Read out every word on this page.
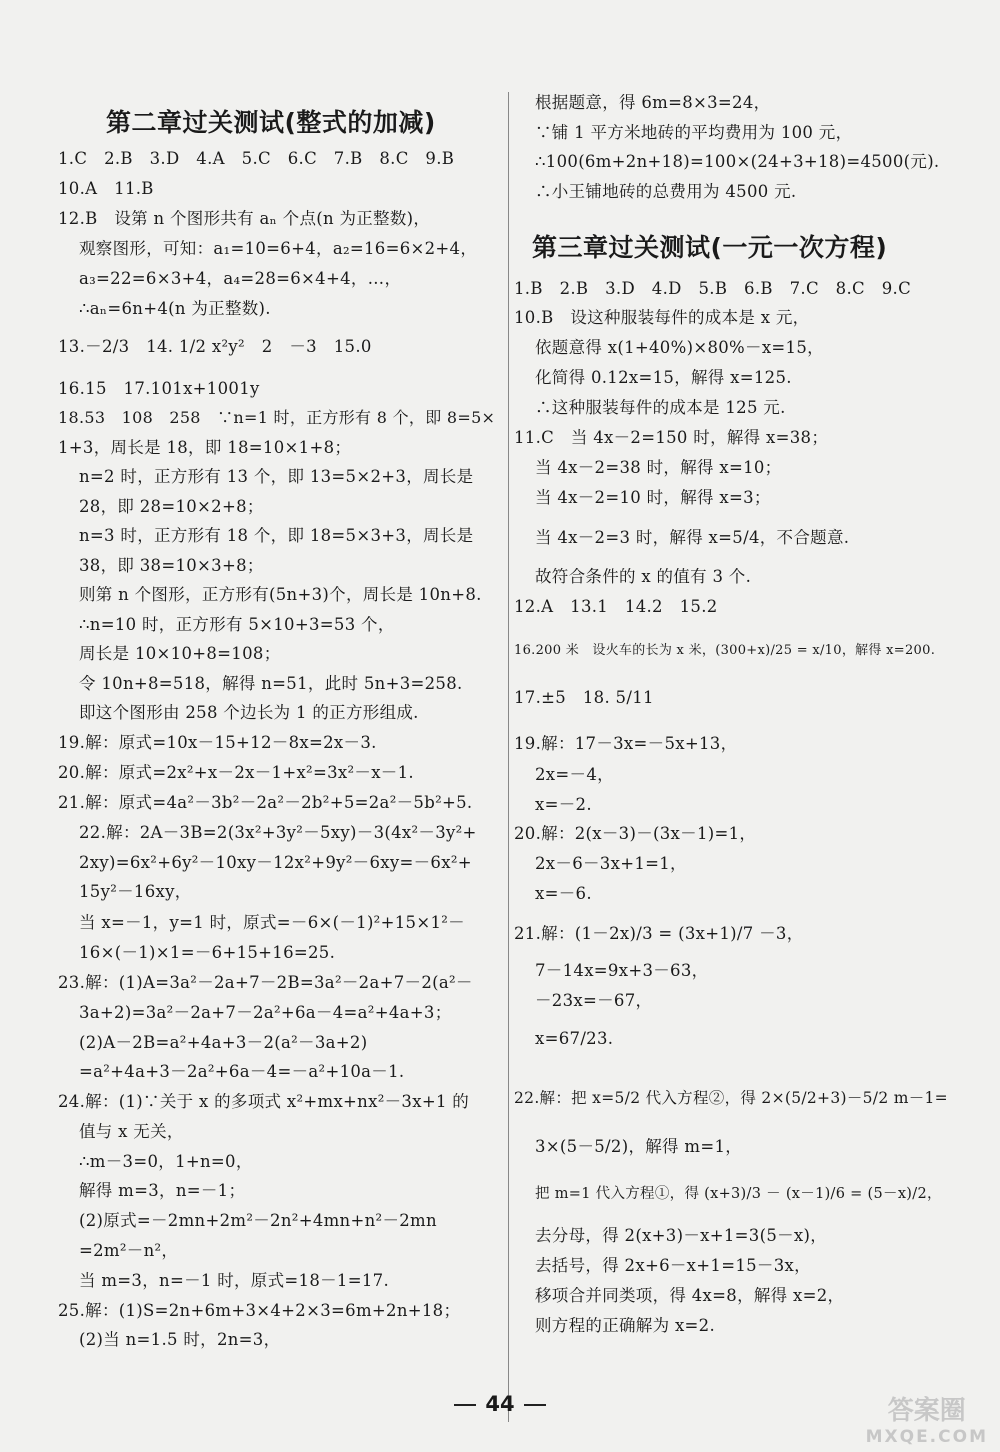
第二章过关测试(整式的加减)
1.C　2.B　3.D　4.A　5.C　6.C　7.B　8.C　9.B
10.A　11.B
12.B　设第 n 个图形共有 aₙ 个点(n 为正整数)，
观察图形，可知：a₁=10=6+4，a₂=16=6×2+4，
a₃=22=6×3+4，a₄=28=6×4+4，…，
∴aₙ=6n+4(n 为正整数).
13.－2/3　14. 1/2 x²y²　2　－3　15.0
16.15　17.101x+1001y
18.53　108　258　∵n=1 时，正方形有 8 个，即 8=5×
1+3，周长是 18，即 18=10×1+8；
n=2 时，正方形有 13 个，即 13=5×2+3，周长是
28，即 28=10×2+8；
n=3 时，正方形有 18 个，即 18=5×3+3，周长是
38，即 38=10×3+8；
则第 n 个图形，正方形有(5n+3)个，周长是 10n+8.
∴n=10 时，正方形有 5×10+3=53 个，
周长是 10×10+8=108；
令 10n+8=518，解得 n=51，此时 5n+3=258.
即这个图形由 258 个边长为 1 的正方形组成.
19.解：原式=10x－15+12－8x=2x－3.
20.解：原式=2x²+x－2x－1+x²=3x²－x－1.
21.解：原式=4a²－3b²－2a²－2b²+5=2a²－5b²+5.
22.解：2A－3B=2(3x²+3y²－5xy)－3(4x²－3y²+
2xy)=6x²+6y²－10xy－12x²+9y²－6xy=－6x²+
15y²－16xy，
当 x=－1，y=1 时，原式=－6×(－1)²+15×1²－
16×(－1)×1=－6+15+16=25.
23.解：(1)A=3a²－2a+7－2B=3a²－2a+7－2(a²－
3a+2)=3a²－2a+7－2a²+6a－4=a²+4a+3；
(2)A－2B=a²+4a+3－2(a²－3a+2)
=a²+4a+3－2a²+6a－4=－a²+10a－1.
24.解：(1)∵关于 x 的多项式 x²+mx+nx²－3x+1 的
值与 x 无关，
∴m－3=0，1+n=0，
解得 m=3，n=－1；
(2)原式=－2mn+2m²－2n²+4mn+n²－2mn
=2m²－n²，
当 m=3，n=－1 时，原式=18－1=17.
25.解：(1)S=2n+6m+3×4+2×3=6m+2n+18；
(2)当 n=1.5 时，2n=3，
第三章过关测试(一元一次方程)
根据题意，得 6m=8×3=24，
∵铺 1 平方米地砖的平均费用为 100 元，
∴100(6m+2n+18)=100×(24+3+18)=4500(元).
∴小王铺地砖的总费用为 4500 元.
1.B　2.B　3.D　4.D　5.B　6.B　7.C　8.C　9.C
10.B　设这种服装每件的成本是 x 元，
依题意得 x(1+40%)×80%－x=15，
化简得 0.12x=15，解得 x=125.
∴这种服装每件的成本是 125 元.
11.C　当 4x－2=150 时，解得 x=38；
当 4x－2=38 时，解得 x=10；
当 4x－2=10 时，解得 x=3；
当 4x－2=3 时，解得 x=5/4，不合题意.
故符合条件的 x 的值有 3 个.
12.A　13.1　14.2　15.2
16.200 米　设火车的长为 x 米，(300+x)/25 = x/10，解得 x=200.
17.±5　18. 5/11
19.解：17－3x=－5x+13，
2x=－4，
x=－2.
20.解：2(x－3)－(3x－1)=1，
2x－6－3x+1=1，
x=－6.
21.解：(1－2x)/3 = (3x+1)/7 －3，
7－14x=9x+3－63，
－23x=－67，
x=67/23.
22.解：把 x=5/2 代入方程②，得 2×(5/2+3)－5/2 m－1=
3×(5－5/2)，解得 m=1，
把 m=1 代入方程①，得 (x+3)/3 － (x－1)/6 = (5－x)/2，
去分母，得 2(x+3)－x+1=3(5－x)，
去括号，得 2x+6－x+1=15－3x，
移项合并同类项，得 4x=8，解得 x=2，
则方程的正确解为 x=2.
44	答案圈
MXQE.COM
